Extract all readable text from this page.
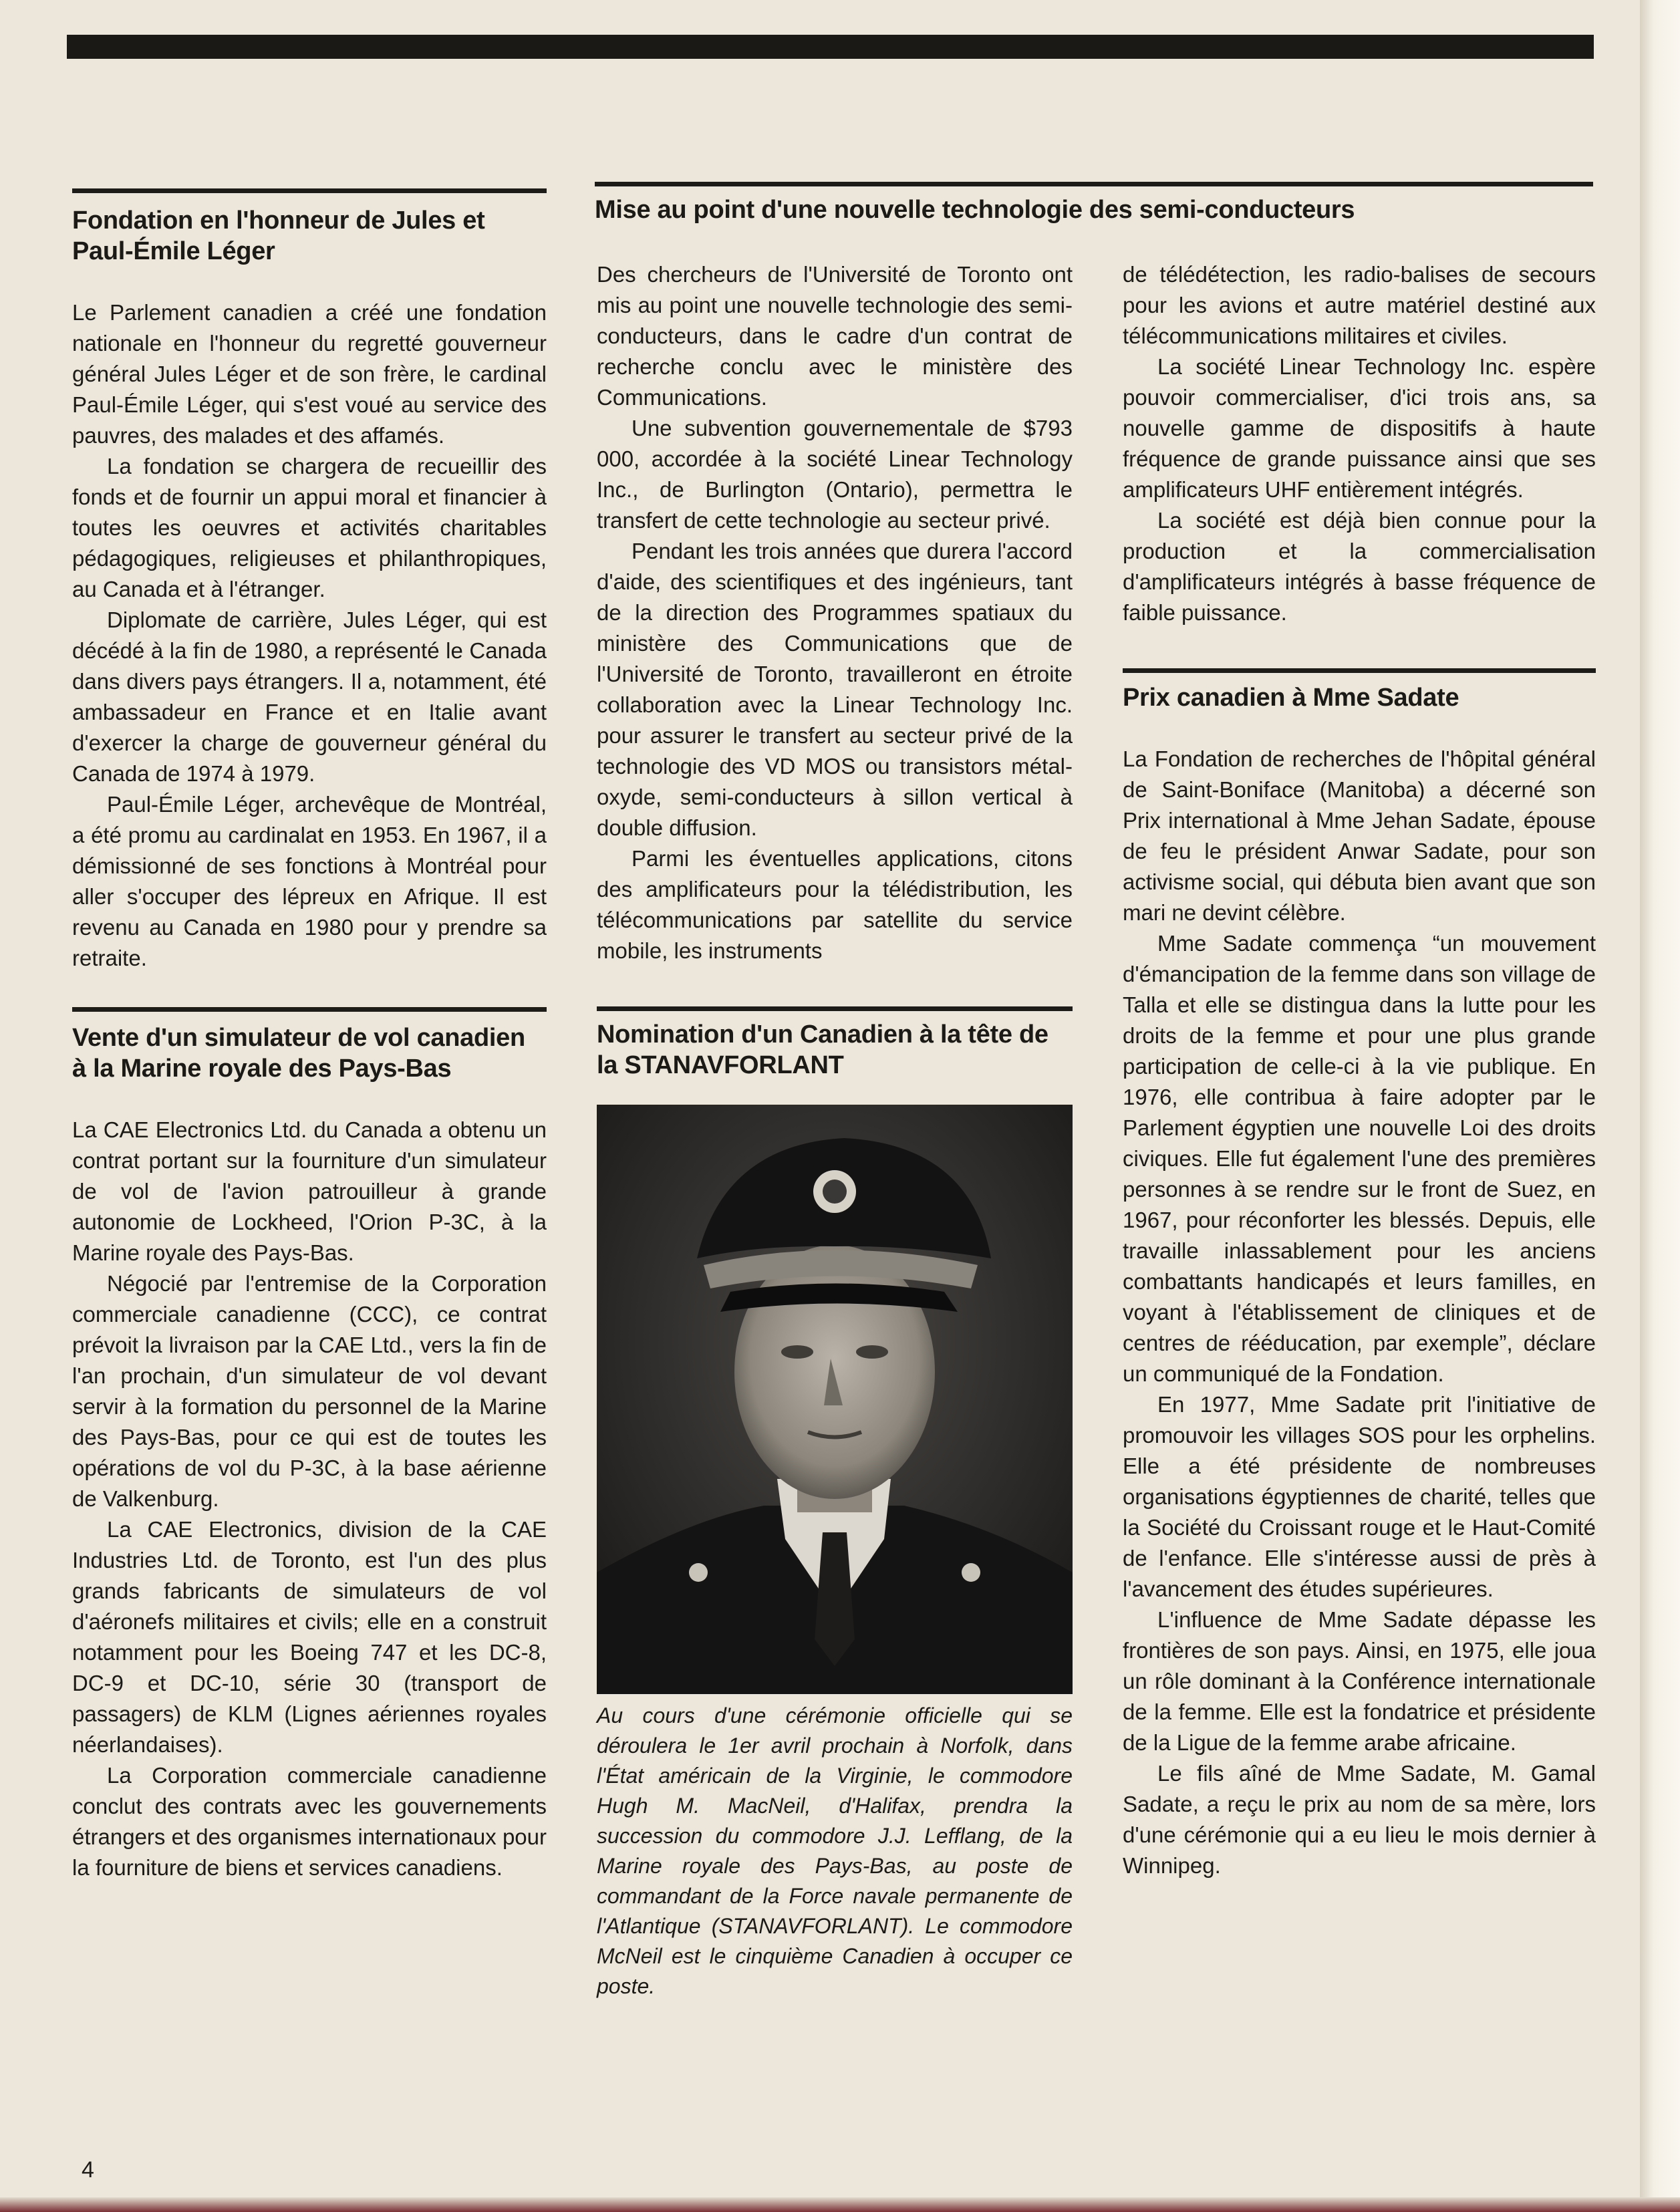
Fondation en l'honneur de Jules et Paul-Émile Léger

Le Parlement canadien a créé une fondation nationale en l'honneur du regretté gouverneur général Jules Léger et de son frère, le cardinal Paul-Émile Léger, qui s'est voué au service des pauvres, des malades et des affamés.

La fondation se chargera de recueillir des fonds et de fournir un appui moral et financier à toutes les oeuvres et activités charitables pédagogiques, religieuses et philanthropiques, au Canada et à l'étranger.

Diplomate de carrière, Jules Léger, qui est décédé à la fin de 1980, a représenté le Canada dans divers pays étrangers. Il a, notamment, été ambassadeur en France et en Italie avant d'exercer la charge de gouverneur général du Canada de 1974 à 1979.

Paul-Émile Léger, archevêque de Montréal, a été promu au cardinalat en 1953. En 1967, il a démissionné de ses fonctions à Montréal pour aller s'occuper des lépreux en Afrique. Il est revenu au Canada en 1980 pour y prendre sa retraite.

Vente d'un simulateur de vol canadien à la Marine royale des Pays-Bas

La CAE Electronics Ltd. du Canada a obtenu un contrat portant sur la fourniture d'un simulateur de vol de l'avion patrouilleur à grande autonomie de Lockheed, l'Orion P-3C, à la Marine royale des Pays-Bas.

Négocié par l'entremise de la Corporation commerciale canadienne (CCC), ce contrat prévoit la livraison par la CAE Ltd., vers la fin de l'an prochain, d'un simulateur de vol devant servir à la formation du personnel de la Marine des Pays-Bas, pour ce qui est de toutes les opérations de vol du P-3C, à la base aérienne de Valkenburg.

La CAE Electronics, division de la CAE Industries Ltd. de Toronto, est l'un des plus grands fabricants de simulateurs de vol d'aéronefs militaires et civils; elle en a construit notamment pour les Boeing 747 et les DC-8, DC-9 et DC-10, série 30 (transport de passagers) de KLM (Lignes aériennes royales néerlandaises).

La Corporation commerciale canadienne conclut des contrats avec les gouvernements étrangers et des organismes internationaux pour la fourniture de biens et services canadiens.

Mise au point d'une nouvelle technologie des semi-conducteurs

Des chercheurs de l'Université de Toronto ont mis au point une nouvelle technologie des semi-conducteurs, dans le cadre d'un contrat de recherche conclu avec le ministère des Communications.

Une subvention gouvernementale de $793 000, accordée à la société Linear Technology Inc., de Burlington (Ontario), permettra le transfert de cette technologie au secteur privé.

Pendant les trois années que durera l'accord d'aide, des scientifiques et des ingénieurs, tant de la direction des Programmes spatiaux du ministère des Communications que de l'Université de Toronto, travailleront en étroite collaboration avec la Linear Technology Inc. pour assurer le transfert au secteur privé de la technologie des VD MOS ou transistors métal-oxyde, semi-conducteurs à sillon vertical à double diffusion.

Parmi les éventuelles applications, citons des amplificateurs pour la télédistribution, les télécommunications par satellite du service mobile, les instruments

Nomination d'un Canadien à la tête de la STANAVFORLANT

Au cours d'une cérémonie officielle qui se déroulera le 1er avril prochain à Norfolk, dans l'État américain de la Virginie, le commodore Hugh M. MacNeil, d'Halifax, prendra la succession du commodore J.J. Lefflang, de la Marine royale des Pays-Bas, au poste de commandant de la Force navale permanente de l'Atlantique (STANAVFORLANT). Le commodore McNeil est le cinquième Canadien à occuper ce poste.

de télédétection, les radio-balises de secours pour les avions et autre matériel destiné aux télécommunications militaires et civiles.

La société Linear Technology Inc. espère pouvoir commercialiser, d'ici trois ans, sa nouvelle gamme de dispositifs à haute fréquence de grande puissance ainsi que ses amplificateurs UHF entièrement intégrés.

La société est déjà bien connue pour la production et la commercialisation d'amplificateurs intégrés à basse fréquence de faible puissance.

Prix canadien à Mme Sadate

La Fondation de recherches de l'hôpital général de Saint-Boniface (Manitoba) a décerné son Prix international à Mme Jehan Sadate, épouse de feu le président Anwar Sadate, pour son activisme social, qui débuta bien avant que son mari ne devint célèbre.

Mme Sadate commença “un mouvement d'émancipation de la femme dans son village de Talla et elle se distingua dans la lutte pour les droits de la femme et pour une plus grande participation de celle-ci à la vie publique. En 1976, elle contribua à faire adopter par le Parlement égyptien une nouvelle Loi des droits civiques. Elle fut également l'une des premières personnes à se rendre sur le front de Suez, en 1967, pour réconforter les blessés. Depuis, elle travaille inlassablement pour les anciens combattants handicapés et leurs familles, en voyant à l'établissement de cliniques et de centres de rééducation, par exemple”, déclare un communiqué de la Fondation.

En 1977, Mme Sadate prit l'initiative de promouvoir les villages SOS pour les orphelins. Elle a été présidente de nombreuses organisations égyptiennes de charité, telles que la Société du Croissant rouge et le Haut-Comité de l'enfance. Elle s'intéresse aussi de près à l'avancement des études supérieures.

L'influence de Mme Sadate dépasse les frontières de son pays. Ainsi, en 1975, elle joua un rôle dominant à la Conférence internationale de la femme. Elle est la fondatrice et présidente de la Ligue de la femme arabe africaine.

Le fils aîné de Mme Sadate, M. Gamal Sadate, a reçu le prix au nom de sa mère, lors d'une cérémonie qui a eu lieu le mois dernier à Winnipeg.

4
